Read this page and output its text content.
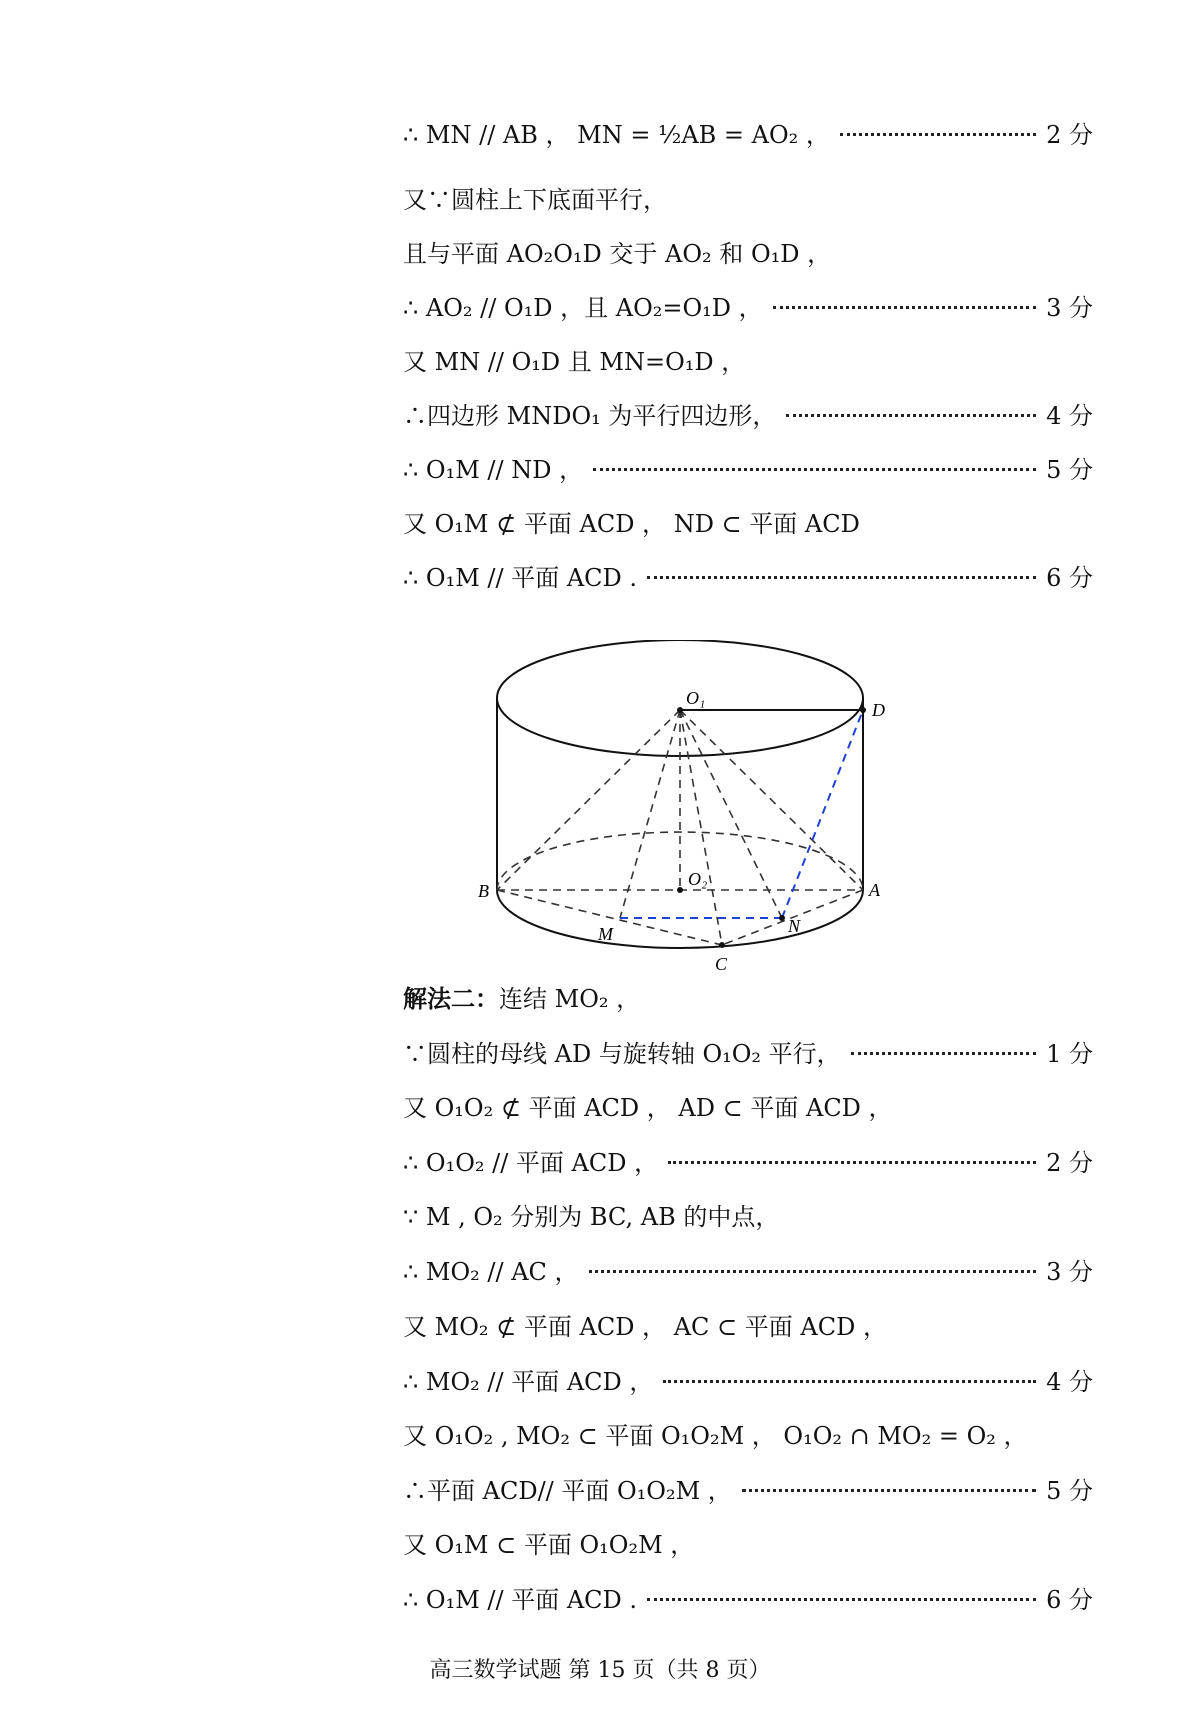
∴ MN // AB ， MN = ½AB = AO₂ ，	2 分
又∵圆柱上下底面平行，
且与平面 AO₂O₁D 交于 AO₂ 和 O₁D ，
∴ AO₂ // O₁D ，且 AO₂=O₁D ，	3 分
又 MN // O₁D 且 MN=O₁D ，
∴四边形 MNDO₁ 为平行四边形，	4 分
∴ O₁M // ND ，	5 分
又 O₁M ⊄ 平面 ACD ， ND ⊂ 平面 ACD
∴ O₁M // 平面 ACD .	6 分
O₁
O₂
D
A
B
C
M	N
解法二： 连结 MO₂ ，
∵圆柱的母线 AD 与旋转轴 O₁O₂ 平行，	1 分
又 O₁O₂ ⊄ 平面 ACD ， AD ⊂ 平面 ACD ，
∴ O₁O₂ // 平面 ACD ，	2 分
∵ M , O₂ 分别为 BC, AB 的中点，
∴ MO₂ // AC ，	3 分
又 MO₂ ⊄ 平面 ACD ， AC ⊂ 平面 ACD ，
∴ MO₂ // 平面 ACD ，	4 分
又 O₁O₂ , MO₂ ⊂ 平面 O₁O₂M ， O₁O₂ ∩ MO₂ = O₂ ，
∴平面 ACD// 平面 O₁O₂M ，	5 分
又 O₁M ⊂ 平面 O₁O₂M ，
∴ O₁M // 平面 ACD .	6 分
高三数学试题 第 15 页（共 8 页）
